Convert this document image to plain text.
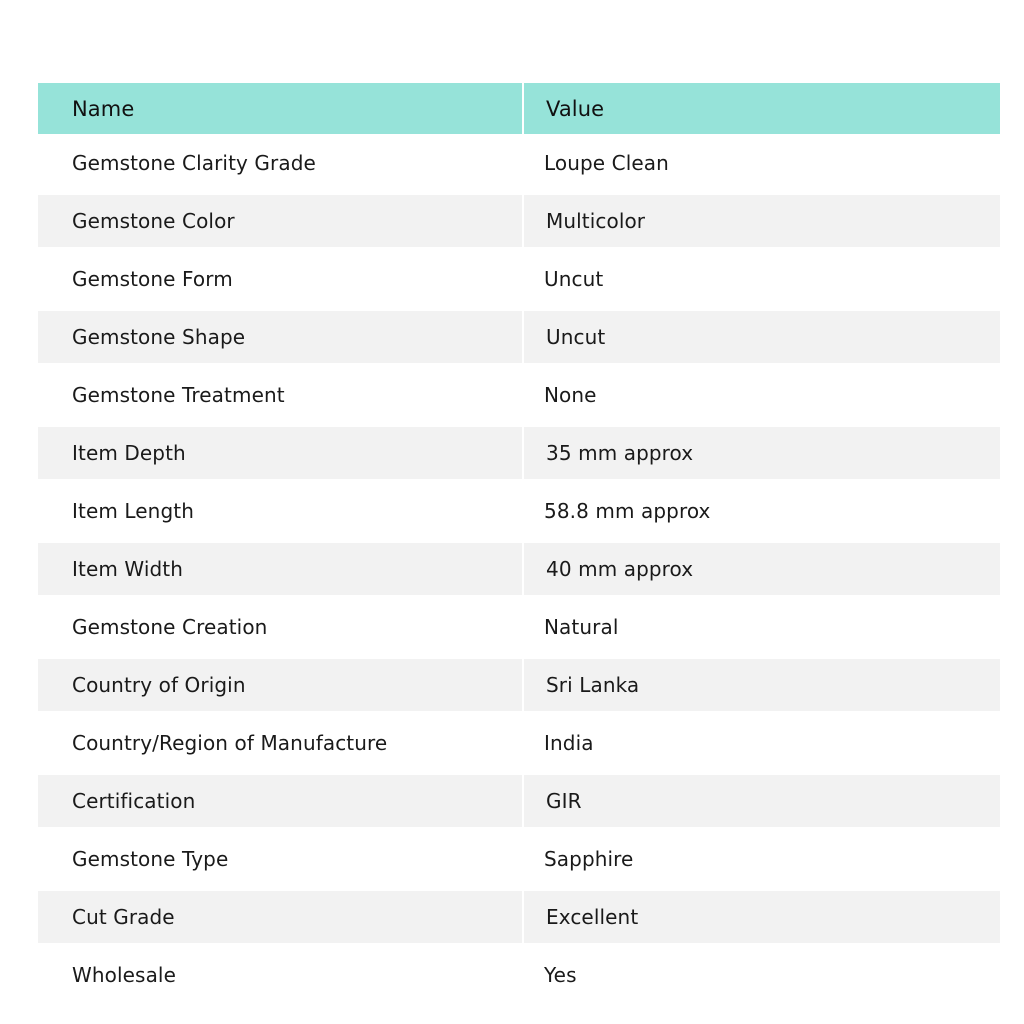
Name	Value
Gemstone Clarity Grade	Loupe Clean
Gemstone Color	Multicolor
Gemstone Form	Uncut
Gemstone Shape	Uncut
Gemstone Treatment	None
Item Depth	35 mm approx
Item Length	58.8 mm approx
Item Width	40 mm approx
Gemstone Creation	Natural
Country of Origin	Sri Lanka
Country/Region of Manufacture	India
Certification	GIR
Gemstone Type	Sapphire
Cut Grade	Excellent
Wholesale	Yes
